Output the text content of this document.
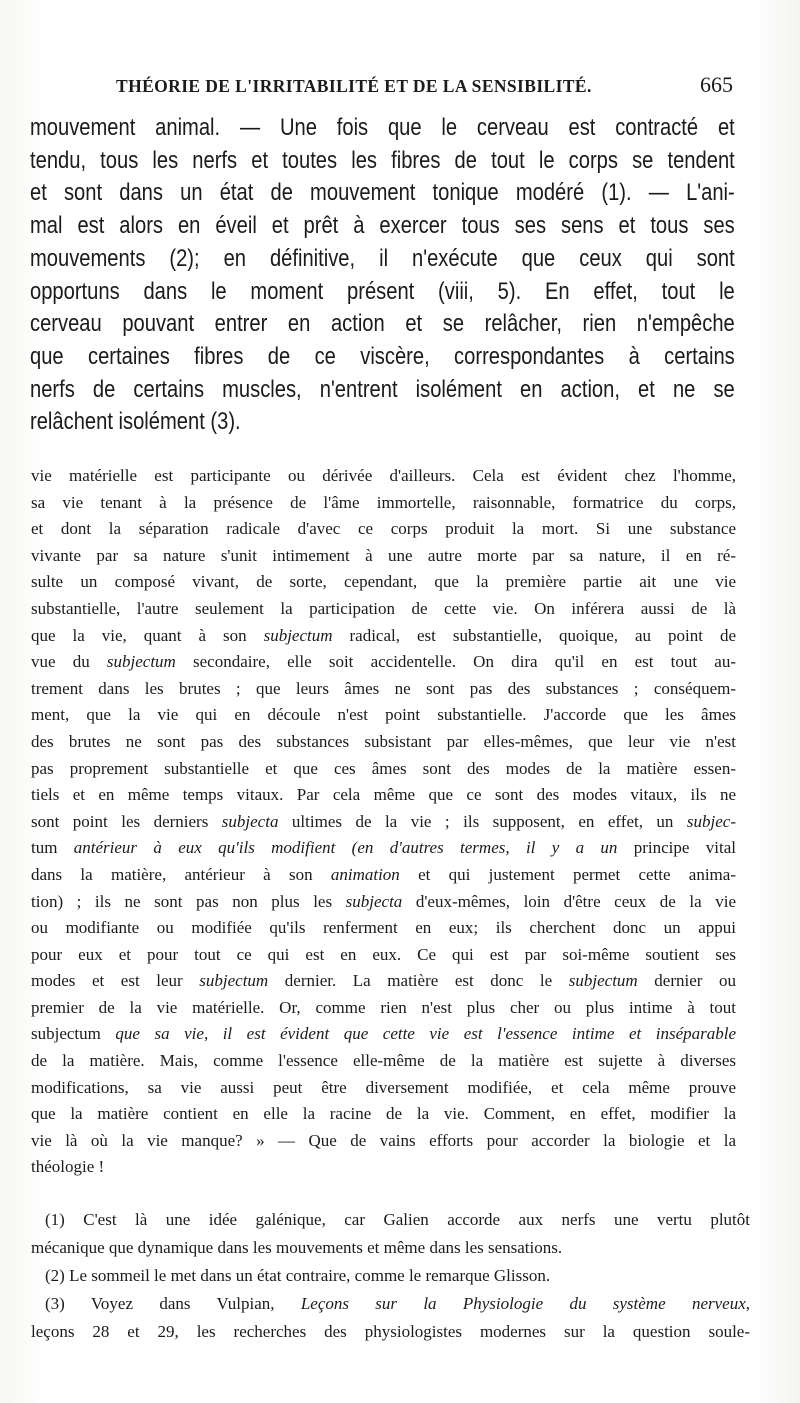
THÉORIE DE L'IRRITABILITÉ ET DE LA SENSIBILITÉ.	665
mouvement animal. — Une fois que le cerveau est contracté et
tendu, tous les nerfs et toutes les fibres de tout le corps se tendent
et sont dans un état de mouvement tonique modéré (1). — L'ani-
mal est alors en éveil et prêt à exercer tous ses sens et tous ses
mouvements (2); en définitive, il n'exécute que ceux qui sont
opportuns dans le moment présent (viii, 5). En effet, tout le
cerveau pouvant entrer en action et se relâcher, rien n'empêche
que certaines fibres de ce viscère, correspondantes à certains
nerfs de certains muscles, n'entrent isolément en action, et ne se
relâchent isolément (3).
vie matérielle est participante ou dérivée d'ailleurs. Cela est évident chez l'homme,
sa vie tenant à la présence de l'âme immortelle, raisonnable, formatrice du corps,
et dont la séparation radicale d'avec ce corps produit la mort. Si une substance
vivante par sa nature s'unit intimement à une autre morte par sa nature, il en ré-
sulte un composé vivant, de sorte, cependant, que la première partie ait une vie
substantielle, l'autre seulement la participation de cette vie. On inférera aussi de là
que la vie, quant à son subjectum radical, est substantielle, quoique, au point de
vue du subjectum secondaire, elle soit accidentelle. On dira qu'il en est tout au-
trement dans les brutes ; que leurs âmes ne sont pas des substances ; conséquem-
ment, que la vie qui en découle n'est point substantielle. J'accorde que les âmes
des brutes ne sont pas des substances subsistant par elles-mêmes, que leur vie n'est
pas proprement substantielle et que ces âmes sont des modes de la matière essen-
tiels et en même temps vitaux. Par cela même que ce sont des modes vitaux, ils ne
sont point les derniers subjecta ultimes de la vie ; ils supposent, en effet, un subjec-
tum antérieur à eux qu'ils modifient (en d'autres termes, il y a un principe vital
dans la matière, antérieur à son animation et qui justement permet cette anima-
tion) ; ils ne sont pas non plus les subjecta d'eux-mêmes, loin d'être ceux de la vie
ou modifiante ou modifiée qu'ils renferment en eux; ils cherchent donc un appui
pour eux et pour tout ce qui est en eux. Ce qui est par soi-même soutient ses
modes et est leur subjectum dernier. La matière est donc le subjectum dernier ou
premier de la vie matérielle. Or, comme rien n'est plus cher ou plus intime à tout
subjectum que sa vie, il est évident que cette vie est l'essence intime et inséparable
de la matière. Mais, comme l'essence elle-même de la matière est sujette à diverses
modifications, sa vie aussi peut être diversement modifiée, et cela même prouve
que la matière contient en elle la racine de la vie. Comment, en effet, modifier la
vie là où la vie manque? » — Que de vains efforts pour accorder la biologie et la
théologie !
(1) C'est là une idée galénique, car Galien accorde aux nerfs une vertu plutôt
mécanique que dynamique dans les mouvements et même dans les sensations.
(2) Le sommeil le met dans un état contraire, comme le remarque Glisson.
(3) Voyez dans Vulpian, Leçons sur la Physiologie du système nerveux,
leçons 28 et 29, les recherches des physiologistes modernes sur la question soule-
